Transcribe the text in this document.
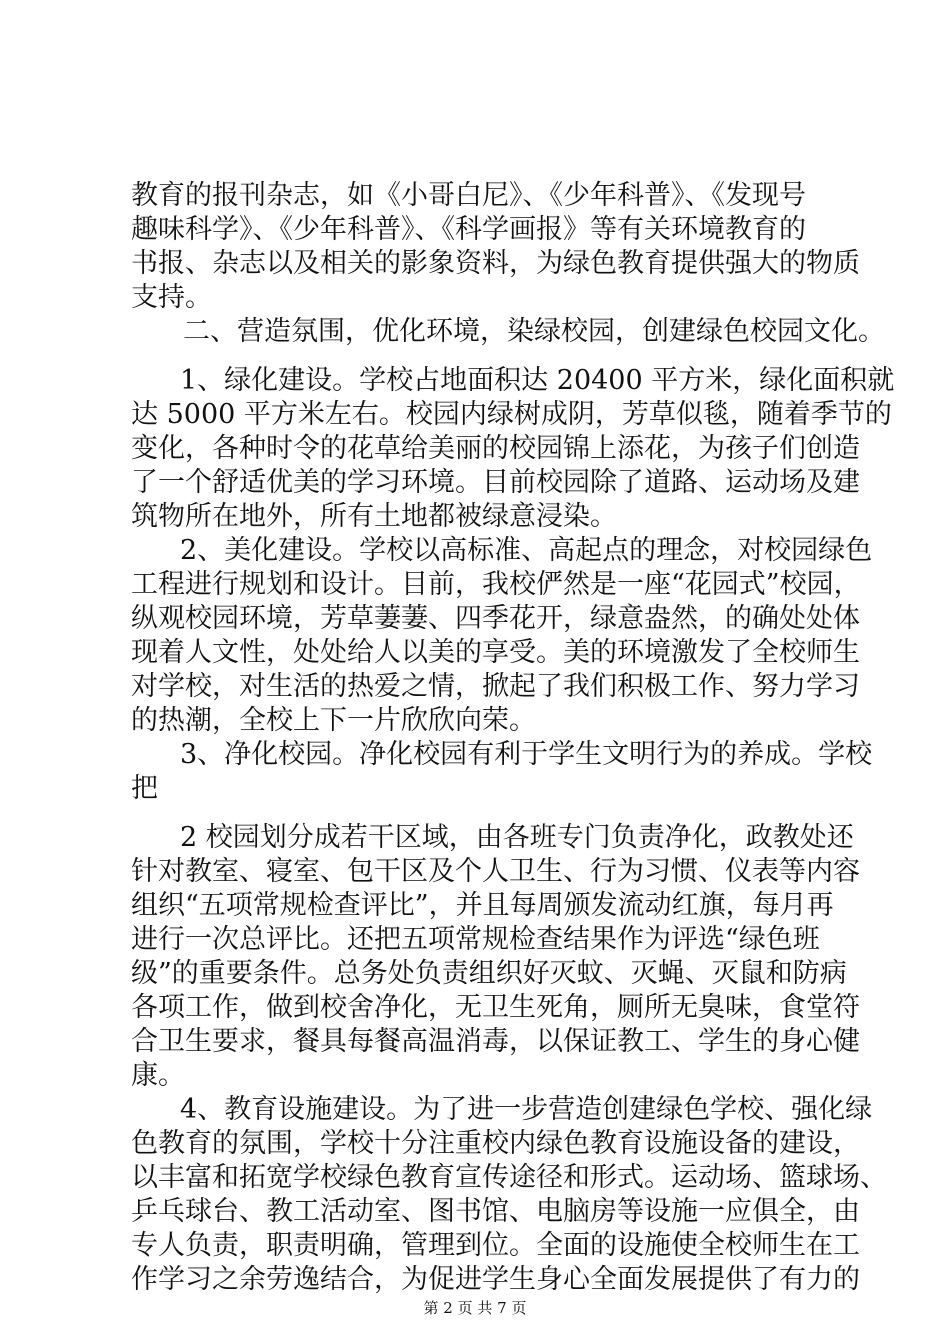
教育的报刊杂志，如《小哥白尼》、《少年科普》、《发现号
趣味科学》、《少年科普》、《科学画报》等有关环境教育的
书报、杂志以及相关的影象资料，为绿色教育提供强大的物质
支持。
二、营造氛围，优化环境，染绿校园，创建绿色校园文化。
1、绿化建设。学校占地面积达 20400 平方米，绿化面积就
达 5000 平方米左右。校园内绿树成阴，芳草似毯，随着季节的
变化，各种时令的花草给美丽的校园锦上添花，为孩子们创造
了一个舒适优美的学习环境。目前校园除了道路、运动场及建
筑物所在地外，所有土地都被绿意浸染。
2、美化建设。学校以高标准、高起点的理念，对校园绿色
工程进行规划和设计。目前，我校俨然是一座“花园式”校园，
纵观校园环境，芳草萋萋、四季花开，绿意盎然，的确处处体
现着人文性，处处给人以美的享受。美的环境激发了全校师生
对学校，对生活的热爱之情，掀起了我们积极工作、努力学习
的热潮，全校上下一片欣欣向荣。
3、净化校园。净化校园有利于学生文明行为的养成。学校
把
2 校园划分成若干区域，由各班专门负责净化，政教处还
针对教室、寝室、包干区及个人卫生、行为习惯、仪表等内容
组织“五项常规检查评比”，并且每周颁发流动红旗，每月再
进行一次总评比。还把五项常规检查结果作为评选“绿色班
级”的重要条件。总务处负责组织好灭蚊、灭蝇、灭鼠和防病
各项工作，做到校舍净化，无卫生死角，厕所无臭味，食堂符
合卫生要求，餐具每餐高温消毒，以保证教工、学生的身心健
康。
4、教育设施建设。为了进一步营造创建绿色学校、强化绿
色教育的氛围，学校十分注重校内绿色教育设施设备的建设，
以丰富和拓宽学校绿色教育宣传途径和形式。运动场、篮球场、
乒乓球台、教工活动室、图书馆、电脑房等设施一应俱全，由
专人负责，职责明确，管理到位。全面的设施使全校师生在工
作学习之余劳逸结合，为促进学生身心全面发展提供了有力的
第 2 页 共 7 页
